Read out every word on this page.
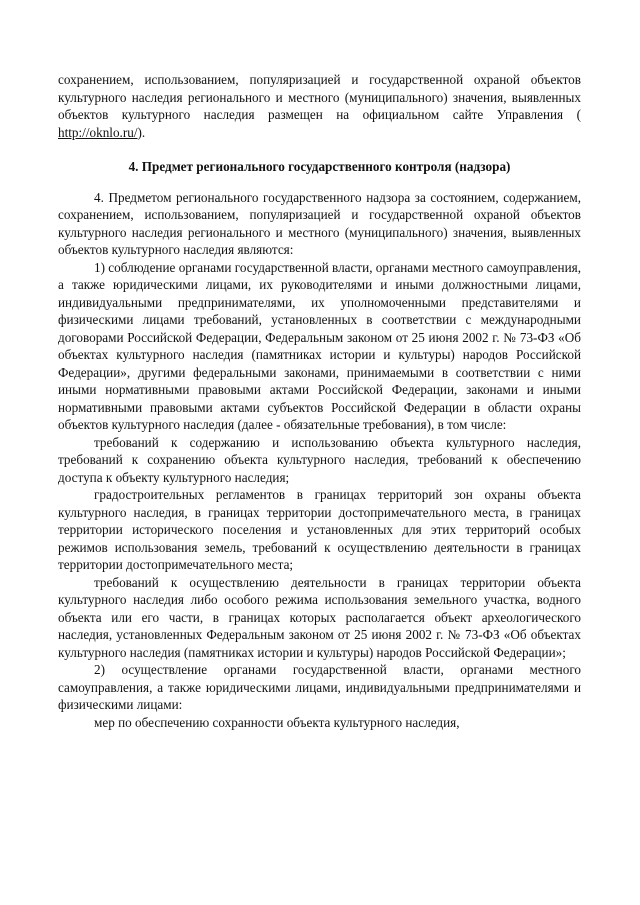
сохранением, использованием, популяризацией и государственной охраной объектов культурного наследия регионального и местного (муниципального) значения, выявленных объектов культурного наследия размещен на официальном сайте Управления ( http://oknlo.ru/).

4. Предмет регионального государственного контроля (надзора)

4. Предметом регионального государственного надзора за состоянием, содержанием, сохранением, использованием, популяризацией и государственной охраной объектов культурного наследия регионального и местного (муниципального) значения, выявленных объектов культурного наследия являются:

1) соблюдение органами государственной власти, органами местного самоуправления, а также юридическими лицами, их руководителями и иными должностными лицами, индивидуальными предпринимателями, их уполномоченными представителями и физическими лицами требований, установленных в соответствии с международными договорами Российской Федерации, Федеральным законом от 25 июня 2002 г. № 73-ФЗ «Об объектах культурного наследия (памятниках истории и культуры) народов Российской Федерации», другими федеральными законами, принимаемыми в соответствии с ними иными нормативными правовыми актами Российской Федерации, законами и иными нормативными правовыми актами субъектов Российской Федерации в области охраны объектов культурного наследия (далее - обязательные требования), в том числе:

требований к содержанию и использованию объекта культурного наследия, требований к сохранению объекта культурного наследия, требований к обеспечению доступа к объекту культурного наследия;

градостроительных регламентов в границах территорий зон охраны объекта культурного наследия, в границах территории достопримечательного места, в границах территории исторического поселения и установленных для этих территорий особых режимов использования земель, требований к осуществлению деятельности в границах территории достопримечательного места;

требований к осуществлению деятельности в границах территории объекта культурного наследия либо особого режима использования земельного участка, водного объекта или его части, в границах которых располагается объект археологического наследия, установленных Федеральным законом от 25 июня 2002 г. № 73-ФЗ «Об объектах культурного наследия (памятниках истории и культуры) народов Российской Федерации»;

2) осуществление органами государственной власти, органами местного самоуправления, а также юридическими лицами, индивидуальными предпринимателями и физическими лицами:

мер по обеспечению сохранности объекта культурного наследия,
